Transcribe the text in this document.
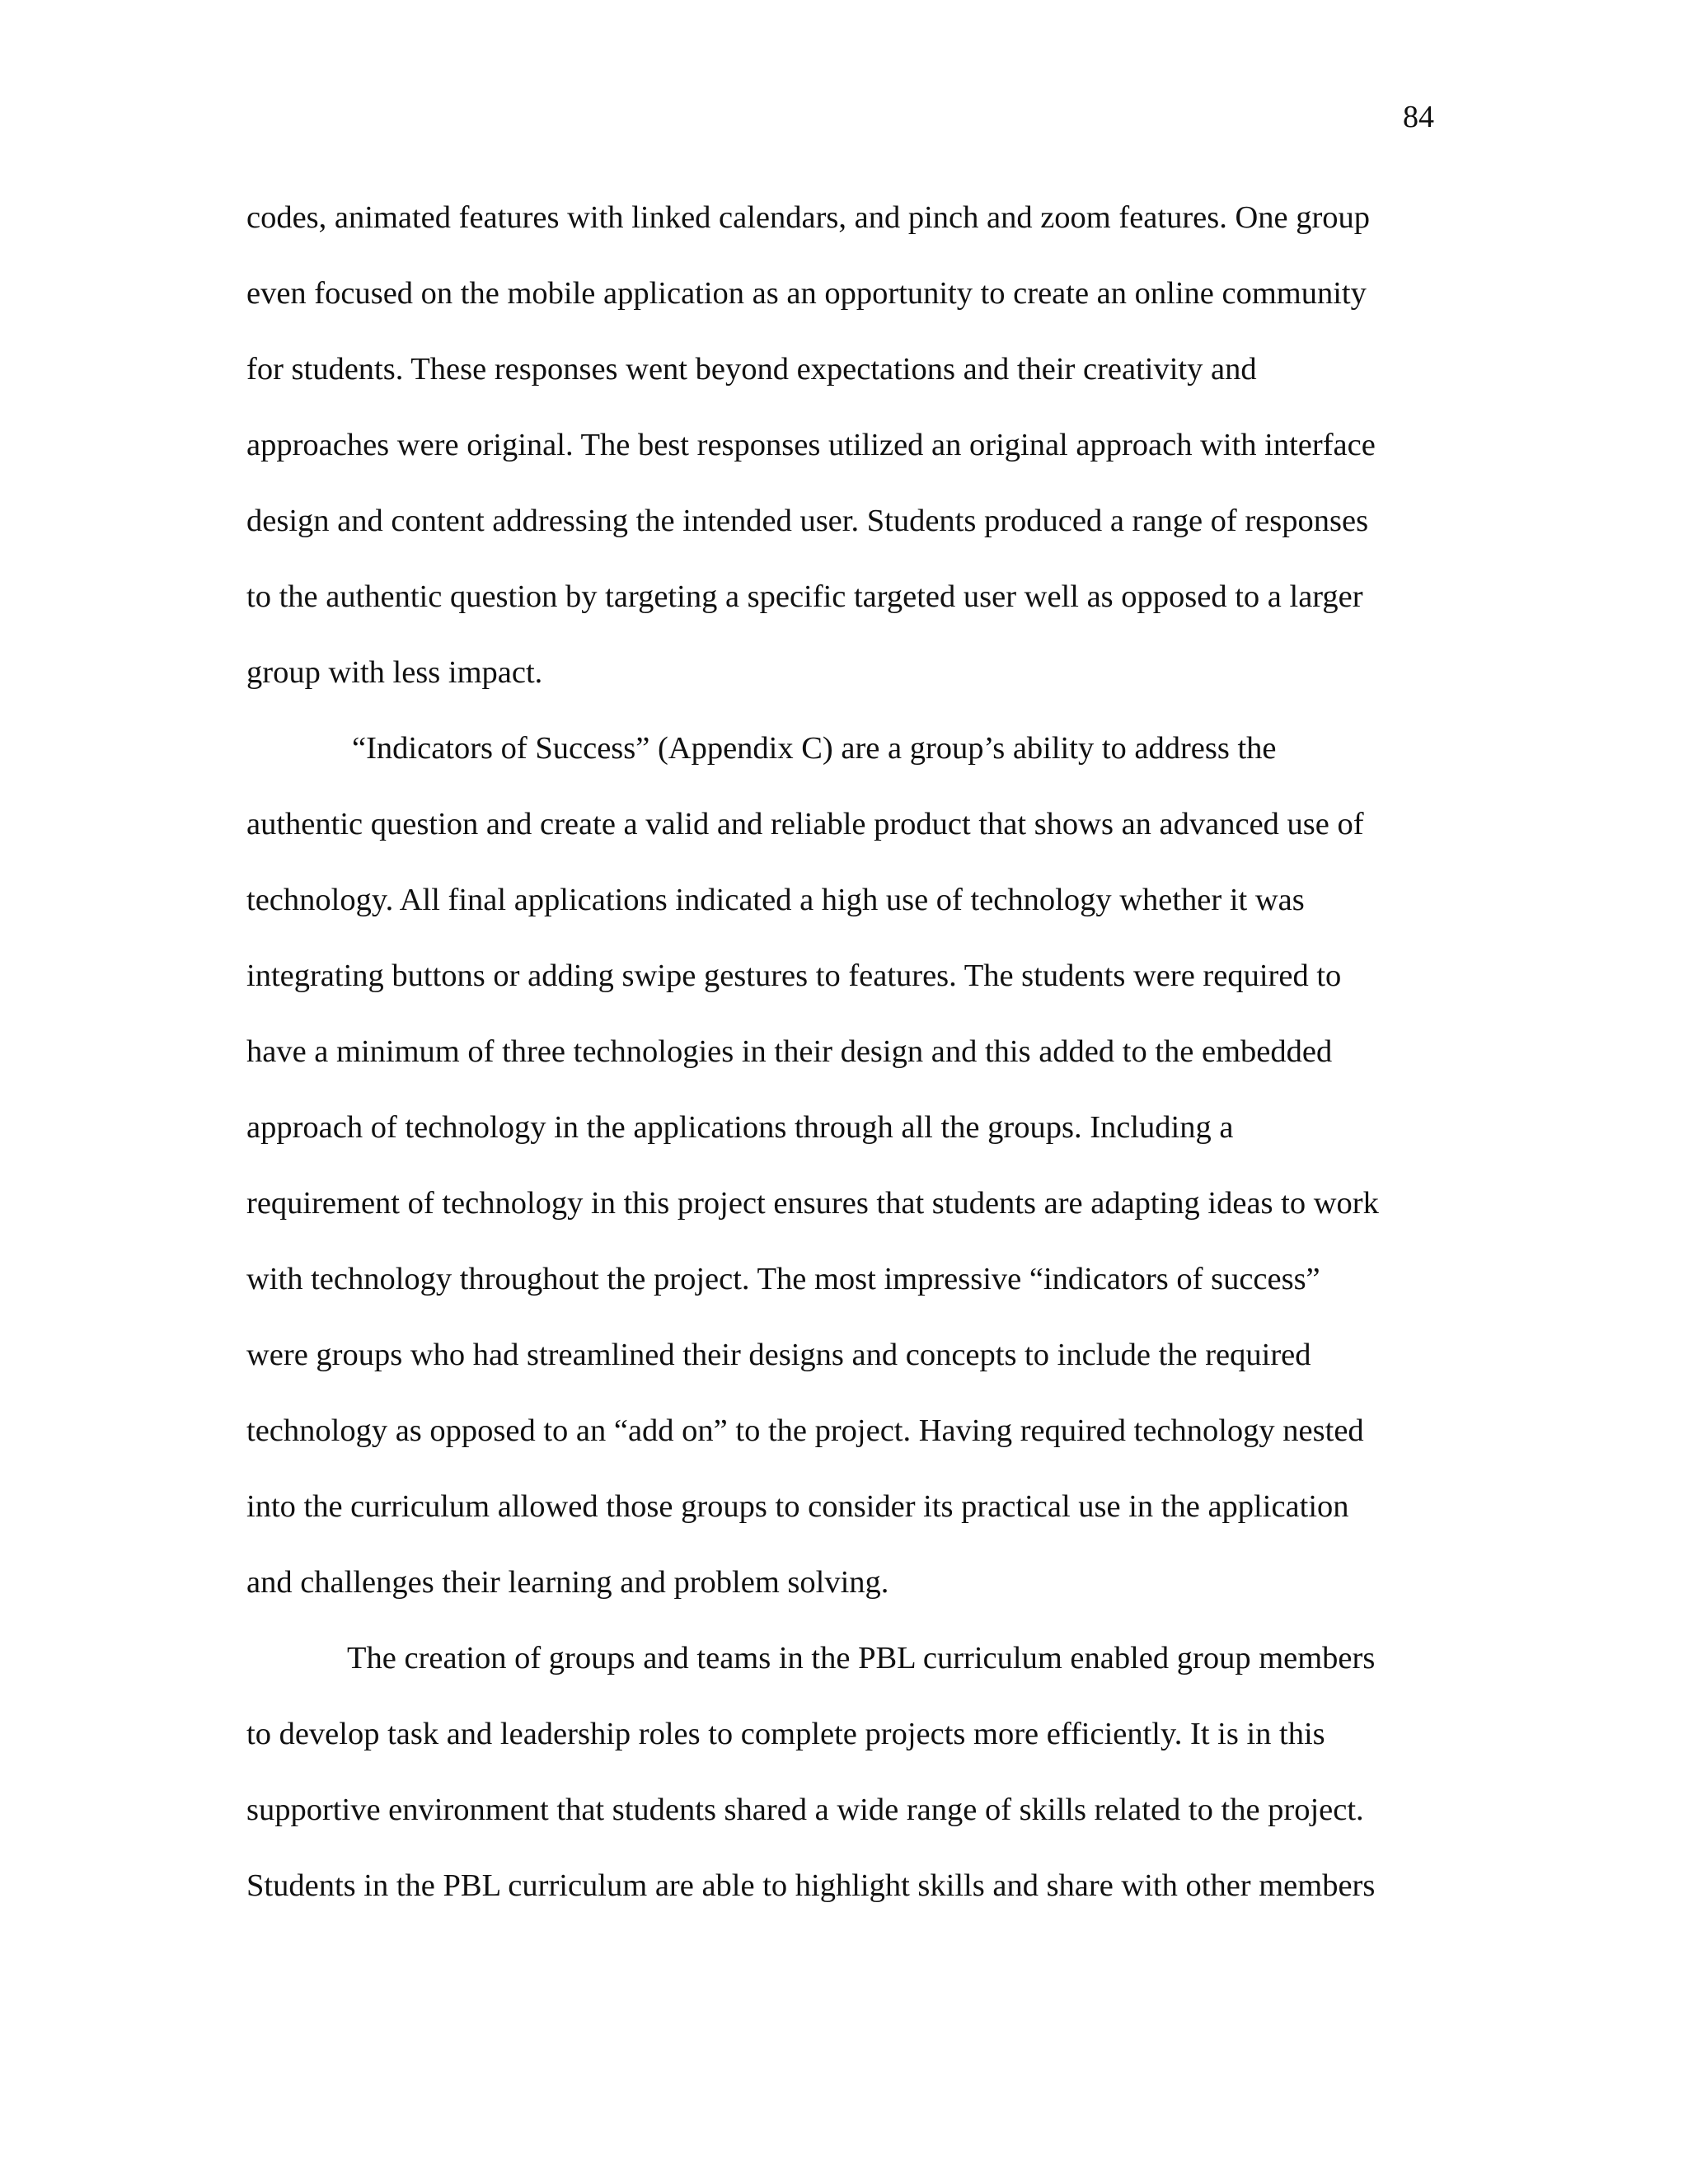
84
codes, animated features with linked calendars, and pinch and zoom features. One group
even focused on the mobile application as an opportunity to create an online community
for students. These responses went beyond expectations and their creativity and
approaches were original. The best responses utilized an original approach with interface
design and content addressing the intended user. Students produced a range of responses
to the authentic question by targeting a specific targeted user well as opposed to a larger
group with less impact.
“Indicators of Success” (Appendix C) are a group’s ability to address the
authentic question and create a valid and reliable product that shows an advanced use of
technology. All final applications indicated a high use of technology whether it was
integrating buttons or adding swipe gestures to features. The students were required to
have a minimum of three technologies in their design and this added to the embedded
approach of technology in the applications through all the groups. Including a
requirement of technology in this project ensures that students are adapting ideas to work
with technology throughout the project. The most impressive “indicators of success”
were groups who had streamlined their designs and concepts to include the required
technology as opposed to an “add on” to the project. Having required technology nested
into the curriculum allowed those groups to consider its practical use in the application
and challenges their learning and problem solving.
The creation of groups and teams in the PBL curriculum enabled group members
to develop task and leadership roles to complete projects more efficiently. It is in this
supportive environment that students shared a wide range of skills related to the project.
Students in the PBL curriculum are able to highlight skills and share with other members
